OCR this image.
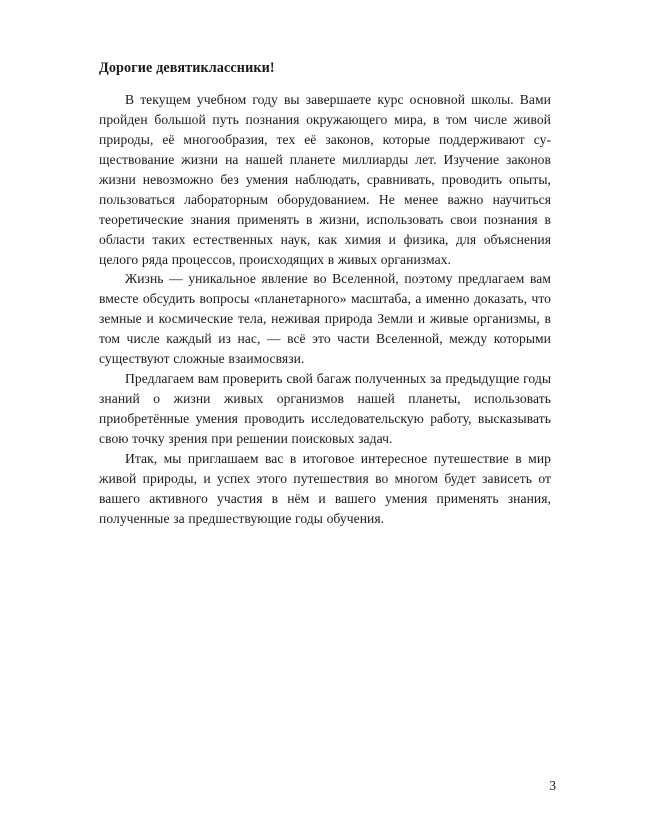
Дорогие девятиклассники!

В текущем учебном году вы завершаете курс основной школы. Вами пройден большой путь познания окружающего мира, в том числе живой природы, её многообразия, тех её законов, которые поддерживают существование жизни на нашей планете миллиарды лет. Изучение законов жизни невозможно без умения наблюдать, сравнивать, проводить опыты, пользоваться лабораторным оборудованием. Не менее важно научиться теоретические знания применять в жизни, использовать свои познания в области таких естественных наук, как химия и физика, для объяснения целого ряда процессов, происходящих в живых организмах.

Жизнь — уникальное явление во Вселенной, поэтому предлагаем вам вместе обсудить вопросы «планетарного» масштаба, а именно доказать, что земные и космические тела, неживая природа Земли и живые организмы, в том числе каждый из нас, — всё это части Вселенной, между которыми существуют сложные взаимосвязи.

Предлагаем вам проверить свой багаж полученных за предыдущие годы знаний о жизни живых организмов нашей планеты, использовать приобретённые умения проводить исследовательскую работу, высказывать свою точку зрения при решении поисковых задач.

Итак, мы приглашаем вас в итоговое интересное путешествие в мир живой природы, и успех этого путешествия во многом будет зависеть от вашего активного участия в нём и вашего умения применять знания, полученные за предшествующие годы обучения.

3
